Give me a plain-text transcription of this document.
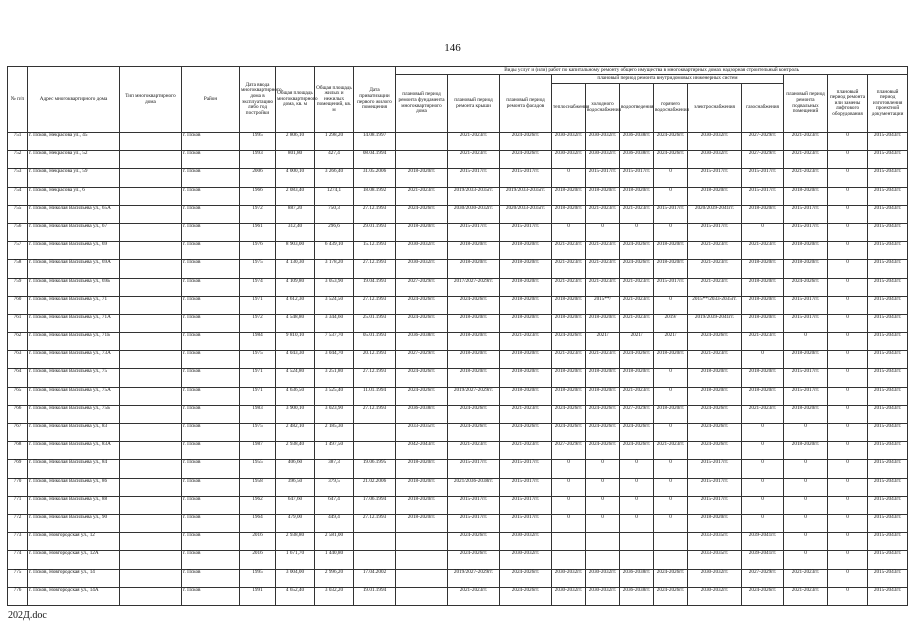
146
№ п/п	Адрес многоквартирного дома	Тип многоквартирного дома	Район	Дата ввода многоквартирного дома в эксплуатацию либо год постройки	Общая площадь многоквартирного дома, кв. м	Общая площадь жилых и нежилых помещений, кв. м	Дата приватизации первого жилого помещения	Виды услуг и (или) работ по капитальному ремонту общего имущества в многоквартирных домах надзорная строительный контроль											
								плановый период ремонта фундамента многоквартирного дома	плановый период ремонта крыши	плановый период ремонта фасадов	плановый период ремонта внутридомовых инженерных систем						плановый период ремонта подвальных помещений	плановый период ремонта или замены лифтового оборудования	плановый период изготовления проектной документации
											теплоснабжения	холодного водоснабжения	водоотведения	горячего водоснабжения	электроснабжения	газоснабжения			
751	г. Псков, Некрасова ул., 45		г. Псков	1995	2 806,10	1 298,20	14.08.1997		2021-2023гг.	2024-2026гг.	2030-2032гг.	2030-2032гг.	2036-2038гг.	2024-2026гг.	2030-2032гг.	2027-2029гг.	2021-2023гг.	0	2015-2043гг.
752	г. Псков, Некрасова ул., 52		г. Псков	1993	801,80	427,4	08.04.1994		2021-2023гг.	2024-2026гг.	2030-2032гг.	2030-2032гг.	2036-2038гг.	2024-2026гг.	2030-2032гг.	2027-2029гг.	2021-2023гг.	0	2015-2043гг.
753	г. Псков, Некрасова ул., 59		г. Псков	2006	4 000,10	3 266,40	31.05.2006	2018-2020гг.	2015-2017гг.	2015-2017гг.	0	2015-2017гг.	2015-2017гг.	0	2015-2017гг.	2015-2017гг.	2021-2023гг.	0	2015-2043гг.
754	г. Псков, Некрасова ул., 6		г. Псков	1966	2 083,40	1274,1	18.08.1992	2021-2023гг.	2019/2033-2035гг.	2019/2033-2035гг.	2018-2020гг.	2018-2020гг.	2018-2020гг.	0	2018-2020гг.	2015-2017гг.	2018-2020гг.	0	2015-2043гг.
755	г. Псков, Николая Васильева ул., 65А		г. Псков	1972	887,20	750,3	27.12.1993	2024-2026гг.	2030/2030-2032гг.	2020/2033-2035гг.	2018-2020гг.	2021-2023гг.	2021-2023гг.	2015-2017гг.	2020/2039-2041гг.	2018-2020гг.	2015-2017гг.	0	2015-2043гг.
756	г. Псков, Николая Васильева ул., 67		г. Псков	1961	312,40	296,6	29.01.1993	2018-2020гг.	2015-2017гг.	2015-2017гг.	0	0	0	0	2015-2017гг.	0	2015-2017гг.	0	2015-2043гг.
757	г. Псков, Николая Васильева ул., 69		г. Псков	1976	8 903,00	6 439,10	15.12.1993	2030-2032гг.	2018-2020гг.	2018-2020гг.	2021-2023гг.	2021-2023гг.	2024-2026гг.	2018-2020гг.	2021-2023гг.	2021-2023гг.	2018-2020гг.	0	2015-2043гг.
758	г. Псков, Николая Васильева ул., 69А		г. Псков	1975	4 130,30	3 178,20	27.12.1993	2030-2032гг.	2018-2020гг.	2018-2020гг.	2021-2023гг.	2021-2023гг.	2024-2026гг.	2018-2020гг.	2021-2023гг.	2018-2020гг.	2018-2020гг.	0	2015-2043гг.
759	г. Псков, Николая Васильева ул., 69Б		г. Псков	1974	4 109,80	3 053,90	19.04.1993	2027-2029гг.	2017/2027-2029гг.	2018-2020гг.	2021-2023гг.	2021-2023гг.	2021-2023гг.	2015-2017гг.	2021-2023гг.	2018-2020гг.	2024-2026гг.	0	2015-2043гг.
760	г. Псков, Николая Васильева ул., 71		г. Псков	1971	4 612,30	3 524,50	27.12.1993	2024-2026гг.	2024-2026гг.	2018-2020гг.	2018-2020гг.	2015**/	2021-2023гг.	0	2015**/2033-2035гг.	2018-2020гг.	2015-2017гг.	0	2015-2043гг.
761	г. Псков, Николая Васильева ул., 71А		г. Псков	1972	4 548,80	3 344,60	25.01.1993	2024-2026гг.	2018-2020гг.	2018-2020гг.	2018-2020гг.	2018-2020гг.	2021-2023гг.	2019/	2019/2039-2041гг.	2018-2020гг.	2015-2017гг.	0	2015-2043гг.
762	г. Псков, Николая Васильева ул., 71Б		г. Псков	1984	9 810,10	7 537,70	05.01.1993	2036-2038гг.	2018-2020гг.	2021-2023гг.	2024-2026гг.	2021/	2021/	2021/	2024-2026гг.	2021-2023гг.	0	0	2015-2043гг.
763	г. Псков, Николая Васильева ул., 73А		г. Псков	1975	4 043,30	3 044,70	20.12.1993	2027-2029гг.	2018-2020гг.	2018-2020гг.	2021-2023гг.	2021-2023гг.	2024-2026гг.	2018-2020гг.	2021-2023гг.	0	2018-2020гг.	0	2015-2043гг.
764	г. Псков, Николая Васильева ул., 75		г. Псков	1971	4 524,80	3 251,80	27.12.1993	2024-2026гг.	2018-2020гг.	2018-2020гг.	2018-2020гг.	2018-2020гг.	2018-2020гг.	0	2018-2020гг.	2018-2020гг.	2015-2017гг.	0	2015-2043гг.
765	г. Псков, Николая Васильева ул., 75А		г. Псков	1971	4 636,50	3 525,40	11.01.1994	2024-2026гг.	2019/2027-2029гг.	2018-2020гг.	2018-2020гг.	2018-2020гг.	2021-2023гг.	0	2018-2020гг.	2018-2020гг.	2015-2017гг.	0	2015-2043гг.
766	г. Псков, Николая Васильева ул., 75Б		г. Псков	1983	3 900,10	3 023,90	27.12.1993	2036-2038гг.	2024-2026гг.	2021-2023гг.	2024-2026гг.	2024-2026гг.	2027-2029гг.	2018-2020гг.	2024-2026гг.	2021-2023гг.	2018-2020гг.	0	2015-2043гг.
767	г. Псков, Николая Васильева ул., 83		г. Псков	1975	2 482,10	2 185,30		2033-2035гг.	2024-2026гг.	2024-2026гг.	2024-2026гг.	2024-2026гг.	2024-2026гг.	0	2024-2026гг.	0	0	0	2015-2043гг.
768	г. Псков, Николая Васильева ул., 83А		г. Псков	1987	2 938,40	1 497,50		2042-2043гг.	2021-2023гг.	2021-2023гг.	2027-2029гг.	2024-2026гг.	2024-2026гг.	2021-2023гг.	2024-2026гг.	0	2018-2020гг.	0	2015-2043гг.
769	г. Псков, Николая Васильева ул., 84		г. Псков	1955	406,60	387,3	19.06.1995	2018-2020гг.	2015-2017гг.	2015-2017гг.	0	0	0	0	2015-2017гг.	0	0	0	2015-2043гг.
770	г. Псков, Николая Васильева ул., 86		г. Псков	1958	396,50	379,5	21.02.2006	2018-2020гг.	2021/2036-2038гг.	2015-2017гг.	0	0	0	0	2015-2017гг.	0	0	0	2015-2043гг.
771	г. Псков, Николая Васильева ул., 88		г. Псков	1962	647,60	647,4	17.06.1994	2018-2020гг.	2015-2017гг.	2015-2017гг.	0	0	0	0	2015-2017гг.	0	0	0	2015-2043гг.
772	г. Псков, Николая Васильева ул., 90		г. Псков	1964	479,00	449,4	27.12.1993	2018-2020гг.	2015-2017гг.	2015-2017гг.	0	0	0	0	2018-2020гг.	0	0	0	2015-2043гг.
773	г. Псков, Новгородская ул., 12		г. Псков	2016	2 938,80	2 581,00			2024-2026гг.	2030-2032гг.					2033-2035гг.	2039-2041гг.	0	0	2015-2043гг.
774	г. Псков, Новгородская ул., 12А		г. Псков	2016	1 671,70	1 440,80			2024-2026гг.	2030-2032гг.					2033-2035гг.	2039-2041гг.	0	0	2015-2043гг.
775	г. Псков, Новгородская ул., 14		г. Псков	1995	3 004,00	2 996,20	17.04.2002		2019/2027-2029гг.	2024-2026гг.	2030-2032гг.	2030-2032гг.	2036-2038гг.	2024-2026гг.	2030-2032гг.	2027-2029гг.	2021-2023гг.	0	2015-2043гг.
776	г. Псков, Новгородская ул., 14А		г. Псков	1991	4 652,40	3 032,20	19.01.1994		2021-2023гг.	2024-2026гг.	2030-2032гг.	2030-2032гг.	2036-2038гг.	2024-2026гг.	2030-2032гг.	2024-2026гг.	2021-2023гг.	0	2015-2043гг.
202Д.doc
